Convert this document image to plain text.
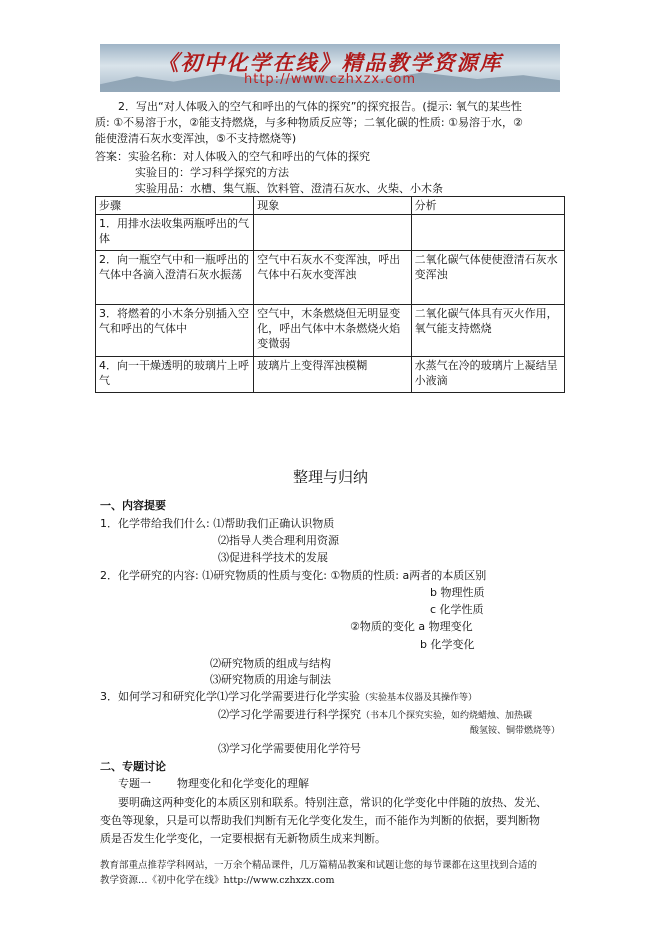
《初中化学在线》精品教学资源库
http://www.czhxzx.com
2．写出“对人体吸入的空气和呼出的气体的探究”的探究报告。(提示: 氧气的某些性
质: ①不易溶于水，②能支持燃烧，与多种物质反应等；二氧化碳的性质: ①易溶于水，②
能使澄清石灰水变浑浊，⑤不支持燃烧等)
答案：实验名称：对人体吸入的空气和呼出的气体的探究
实验目的：学习科学探究的方法
实验用品：水槽、集气瓶、饮料管、澄清石灰水、火柴、小木条
步骤	现象	分析
1．用排水法收集两瓶呼出的气体		
2．向一瓶空气中和一瓶呼出的气体中各滴入澄清石灰水振荡	空气中石灰水不变浑浊，呼出气体中石灰水变浑浊	二氧化碳气体使使澄清石灰水变浑浊
3．将燃着的小木条分别插入空气和呼出的气体中	空气中，木条燃烧但无明显变化，呼出气体中木条燃烧火焰变微弱	二氧化碳气体具有灭火作用，氧气能支持燃烧
4．向一干燥透明的玻璃片上呼气	玻璃片上变得浑浊模糊	水蒸气在冷的玻璃片上凝结呈小液滴
整理与归纳
一、内容提要
1．化学带给我们什么: ⑴帮助我们正确认识物质
⑵指导人类合理利用资源
⑶促进科学技术的发展
2．化学研究的内容: ⑴研究物质的性质与变化: ①物质的性质: a两者的本质区别
b 物理性质
c 化学性质
②物质的变化 a 物理变化
b 化学变化
⑵研究物质的组成与结构
⑶研究物质的用途与制法
3．如何学习和研究化学⑴学习化学需要进行化学实验（实验基本仪器及其操作等）
⑵学习化学需要进行科学探究（书本几个探究实验，如约烧蜡烛、加热碳
酸氢铵、铜带燃烧等）
⑶学习化学需要使用化学符号
二、专题讨论
专题一 物理变化和化学变化的理解
要明确这两种变化的本质区别和联系。特别注意，常识的化学变化中伴随的放热、发光、
变色等现象，只是可以帮助我们判断有无化学变化发生，而不能作为判断的依据，要判断物
质是否发生化学变化，一定要根据有无新物质生成来判断。
教育部重点推荐学科网站，一万余个精品课件，几万篇精品教案和试题让您的每节课都在这里找到合适的
教学资源…《初中化学在线》http://www.czhxzx.com
